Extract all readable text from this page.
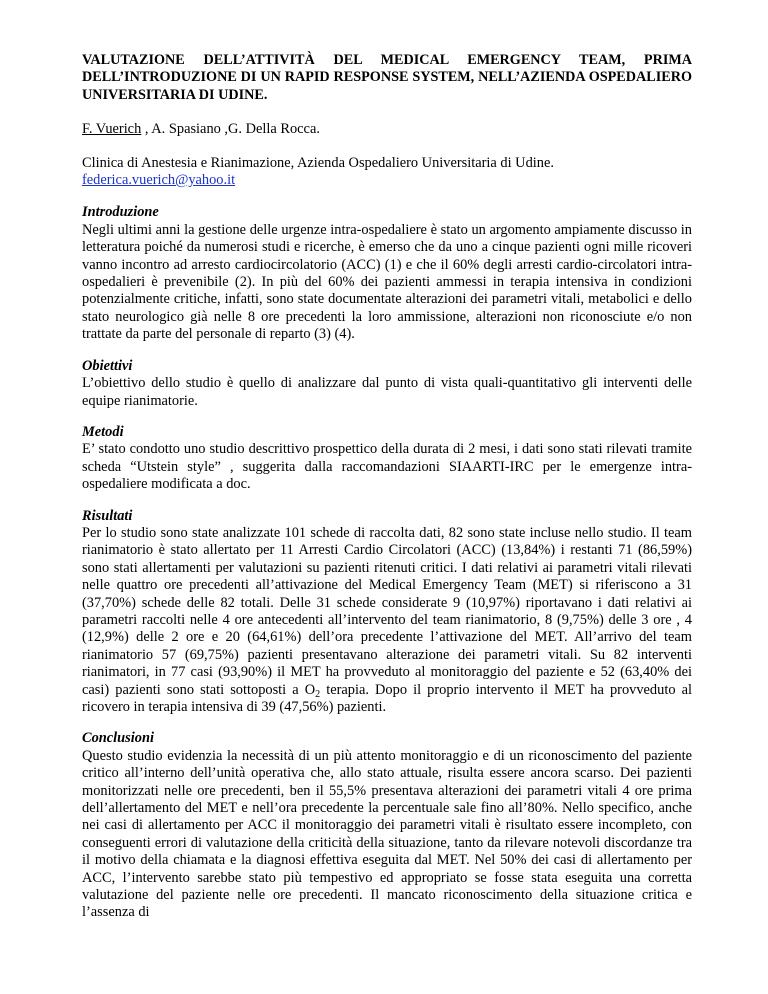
VALUTAZIONE DELL’ATTIVITÀ DEL MEDICAL EMERGENCY TEAM, PRIMA DELL’INTRODUZIONE DI UN RAPID RESPONSE SYSTEM, NELL’AZIENDA OSPEDALIERO UNIVERSITARIA DI UDINE.

F. Vuerich , A. Spasiano ,G. Della Rocca.

Clinica di Anestesia e Rianimazione, Azienda Ospedaliero Universitaria di Udine.
federica.vuerich@yahoo.it

Introduzione

Negli ultimi anni la gestione delle urgenze intra-ospedaliere è stato un argomento ampiamente discusso in letteratura poiché da numerosi studi e ricerche, è emerso che da uno a cinque pazienti ogni mille ricoveri vanno incontro ad arresto cardiocircolatorio (ACC) (1) e che il 60% degli arresti cardio-circolatori intra-ospedalieri è prevenibile (2). In più del 60% dei pazienti ammessi in terapia intensiva in condizioni potenzialmente critiche, infatti, sono state documentate alterazioni dei parametri vitali, metabolici e dello stato neurologico già nelle 8 ore precedenti la loro ammissione, alterazioni non riconosciute e/o non trattate da parte del personale di reparto (3) (4).

Obiettivi

L’obiettivo dello studio è quello di analizzare dal punto di vista quali-quantitativo gli interventi delle equipe rianimatorie.

Metodi

E’ stato condotto uno studio descrittivo prospettico della durata di 2 mesi, i dati sono stati rilevati tramite scheda “Utstein style” , suggerita dalla raccomandazioni SIAARTI-IRC per le emergenze intra-ospedaliere modificata a doc.

Risultati

Per lo studio sono state analizzate 101 schede di raccolta dati, 82 sono state incluse nello studio. Il team rianimatorio è stato allertato per 11 Arresti Cardio Circolatori (ACC) (13,84%) i restanti 71 (86,59%) sono stati allertamenti per valutazioni su pazienti ritenuti critici. I dati relativi ai parametri vitali rilevati nelle quattro ore precedenti all’attivazione del Medical Emergency Team (MET) si riferiscono a 31 (37,70%) schede delle 82 totali. Delle 31 schede considerate 9 (10,97%) riportavano i dati relativi ai parametri raccolti nelle 4 ore antecedenti all’intervento del team rianimatorio, 8 (9,75%) delle 3 ore , 4 (12,9%) delle 2 ore e 20 (64,61%) dell’ora precedente l’attivazione del MET. All’arrivo del team rianimatorio 57 (69,75%) pazienti presentavano alterazione dei parametri vitali. Su 82 interventi rianimatori, in 77 casi (93,90%) il MET ha provveduto al monitoraggio del paziente e 52 (63,40% dei casi) pazienti sono stati sottoposti a $O_2$ terapia. Dopo il proprio intervento il MET ha provveduto al ricovero in terapia intensiva di 39 (47,56%) pazienti.

Conclusioni

Questo studio evidenzia la necessità di un più attento monitoraggio e di un riconoscimento del paziente critico all’interno dell’unità operativa che, allo stato attuale, risulta essere ancora scarso. Dei pazienti monitorizzati nelle ore precedenti, ben il 55,5% presentava alterazioni dei parametri vitali 4 ore prima dell’allertamento del MET e nell’ora precedente la percentuale sale fino all’80%. Nello specifico, anche nei casi di allertamento per ACC il monitoraggio dei parametri vitali è risultato essere incompleto, con conseguenti errori di valutazione della criticità della situazione, tanto da rilevare notevoli discordanze tra il motivo della chiamata e la diagnosi effettiva eseguita dal MET. Nel 50% dei casi di allertamento per ACC, l’intervento sarebbe stato più tempestivo ed appropriato se fosse stata eseguita una corretta valutazione del paziente nelle ore precedenti. Il mancato riconoscimento della situazione critica e l’assenza di
